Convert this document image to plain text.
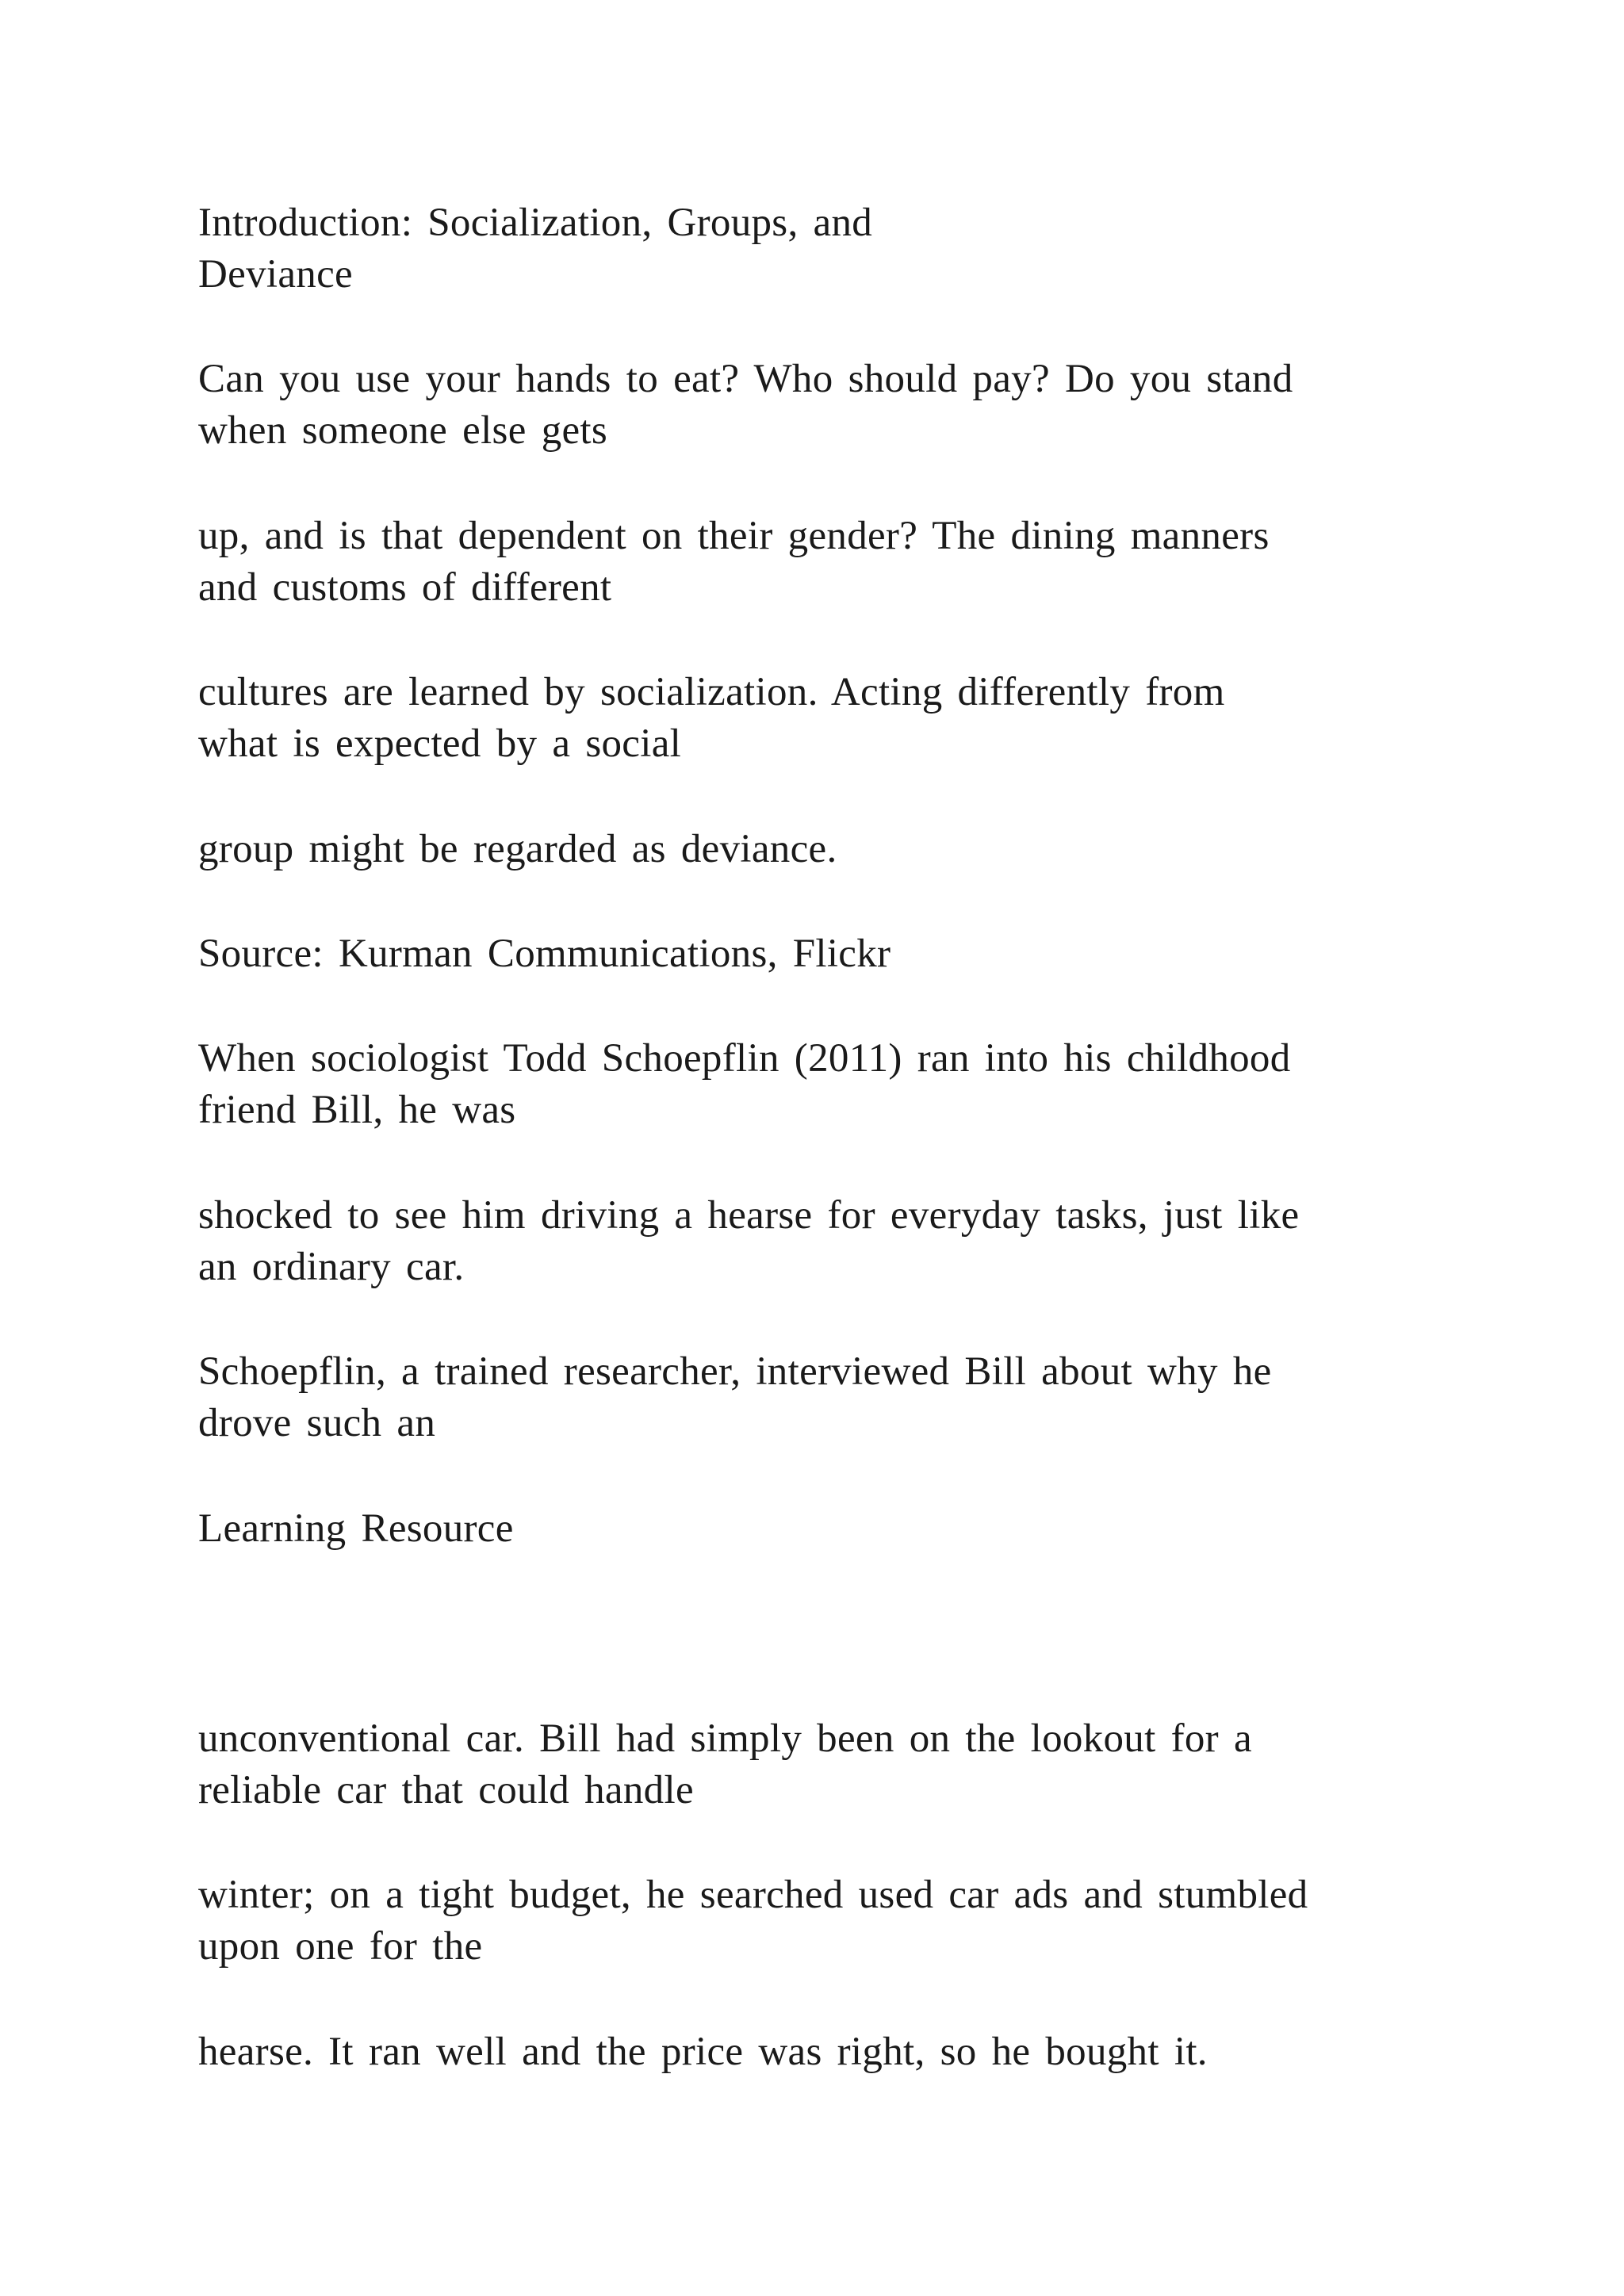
Introduction: Socialization, Groups, and

Deviance

Can you use your hands to eat? Who should pay? Do you stand

when someone else gets

up, and is that dependent on their gender? The dining manners

and customs of different

cultures are learned by socialization. Acting differently from

what is expected by a social

group might be regarded as deviance.

Source: Kurman Communications, Flickr

When sociologist Todd Schoepflin (2011) ran into his childhood

friend Bill, he was

shocked to see him driving a hearse for everyday tasks, just like

an ordinary car.

Schoepflin, a trained researcher, interviewed Bill about why he

drove such an

Learning Resource

unconventional car. Bill had simply been on the lookout for a

reliable car that could handle

winter; on a tight budget, he searched used car ads and stumbled

upon one for the

hearse. It ran well and the price was right, so he bought it.
